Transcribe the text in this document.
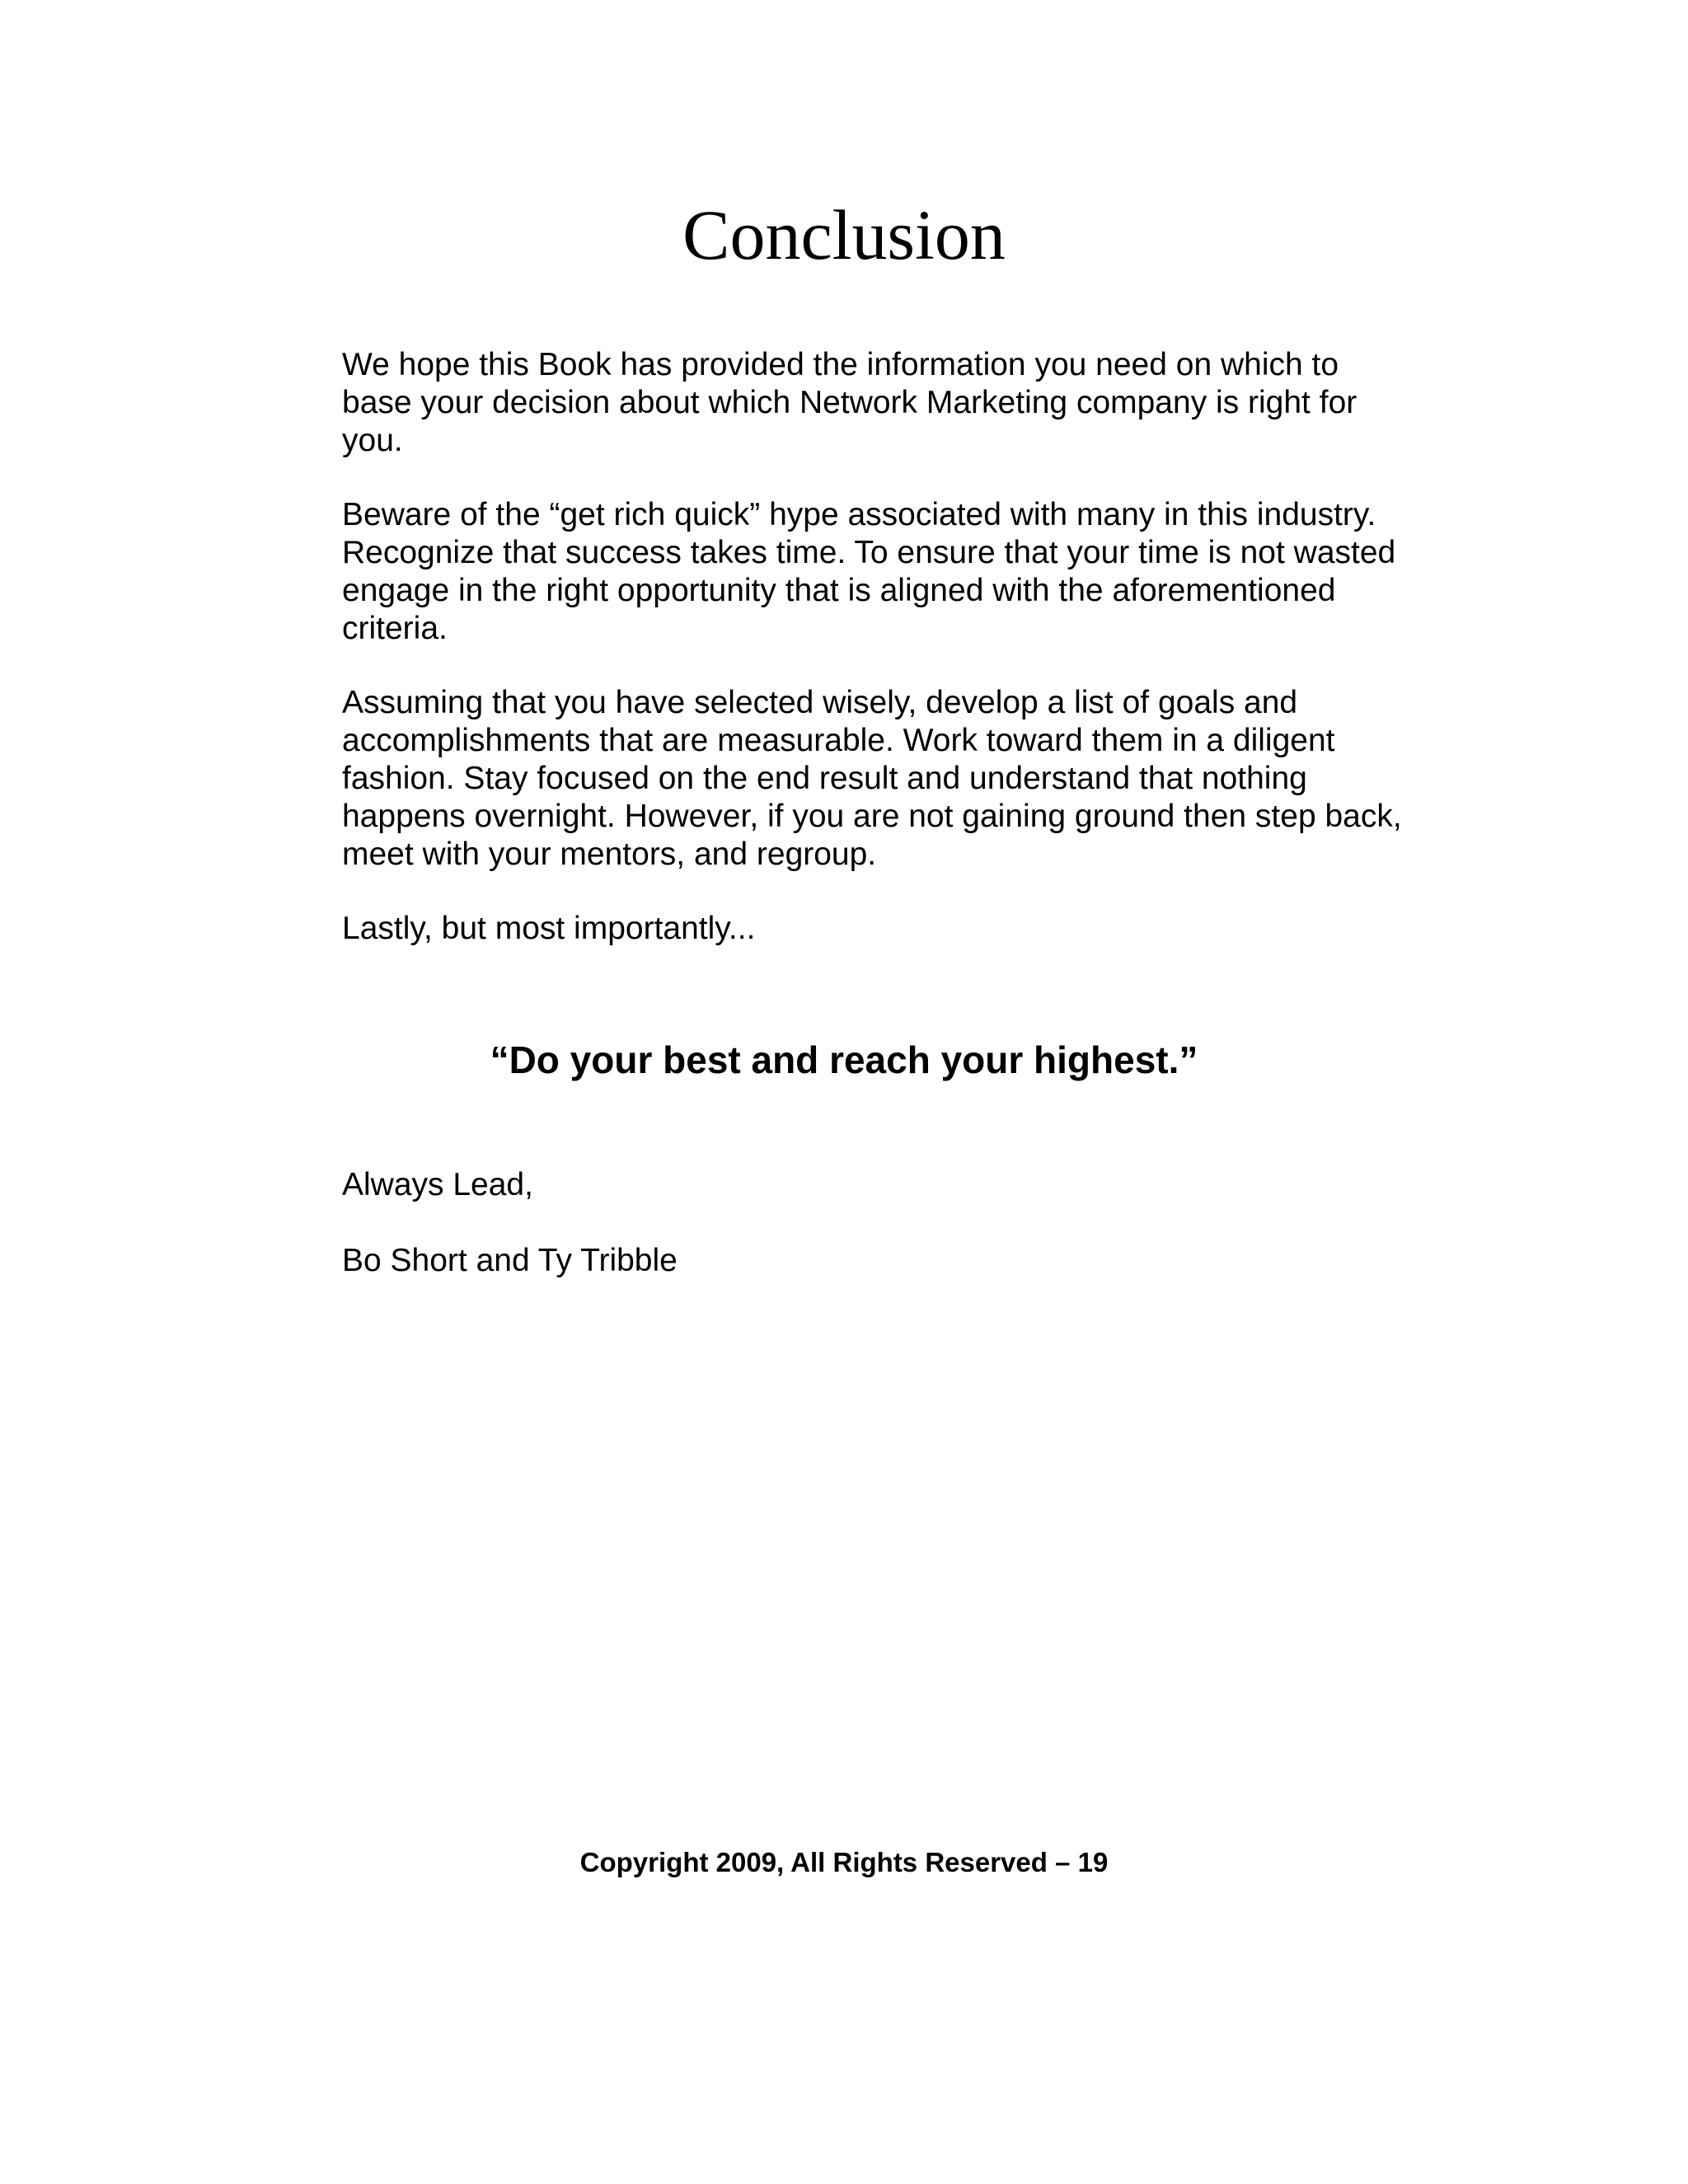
Conclusion

We hope this Book has provided the information you need on which to
base your decision about which Network Marketing company is right for
you.

Beware of the “get rich quick” hype associated with many in this industry.
Recognize that success takes time. To ensure that your time is not wasted
engage in the right opportunity that is aligned with the aforementioned
criteria.

Assuming that you have selected wisely, develop a list of goals and
accomplishments that are measurable. Work toward them in a diligent
fashion. Stay focused on the end result and understand that nothing
happens overnight. However, if you are not gaining ground then step back,
meet with your mentors, and regroup.

Lastly, but most importantly...

“Do your best and reach your highest.”

Always Lead,

Bo Short and Ty Tribble

Copyright 2009, All Rights Reserved – 19
